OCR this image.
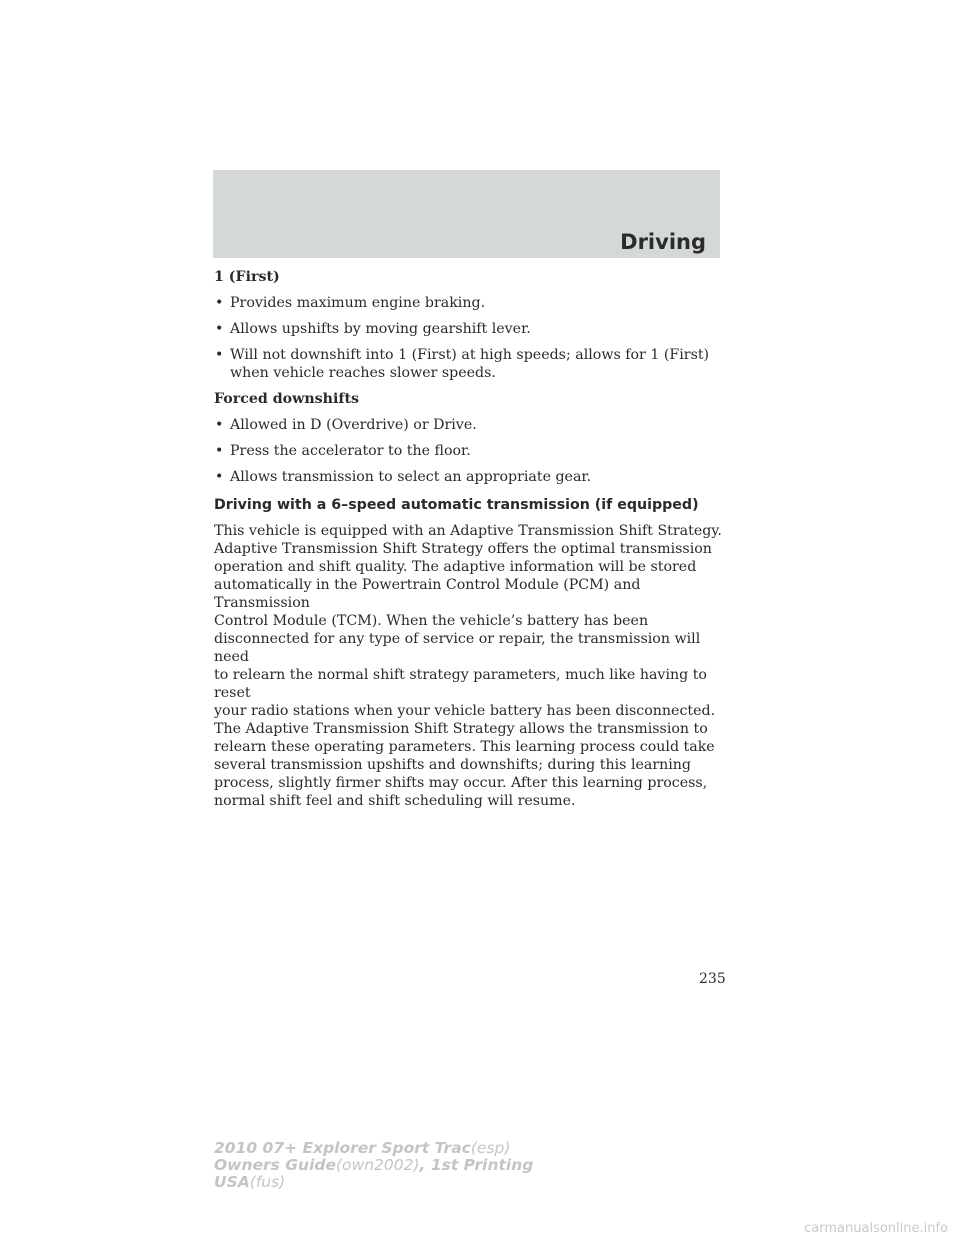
Driving

1 (First)

• Provides maximum engine braking.
• Allows upshifts by moving gearshift lever.
• Will not downshift into 1 (First) at high speeds; allows for 1 (First) when vehicle reaches slower speeds.

Forced downshifts

• Allowed in D (Overdrive) or Drive.
• Press the accelerator to the floor.
• Allows transmission to select an appropriate gear.

Driving with a 6–speed automatic transmission (if equipped)

This vehicle is equipped with an Adaptive Transmission Shift Strategy.
Adaptive Transmission Shift Strategy offers the optimal transmission
operation and shift quality. The adaptive information will be stored
automatically in the Powertrain Control Module (PCM) and Transmission
Control Module (TCM). When the vehicle’s battery has been
disconnected for any type of service or repair, the transmission will need
to relearn the normal shift strategy parameters, much like having to reset
your radio stations when your vehicle battery has been disconnected.
The Adaptive Transmission Shift Strategy allows the transmission to
relearn these operating parameters. This learning process could take
several transmission upshifts and downshifts; during this learning
process, slightly firmer shifts may occur. After this learning process,
normal shift feel and shift scheduling will resume.

235
2010 07+ Explorer Sport Trac(esp)
Owners Guide(own2002), 1st Printing
USA(fus)
carmanualsonline.info
